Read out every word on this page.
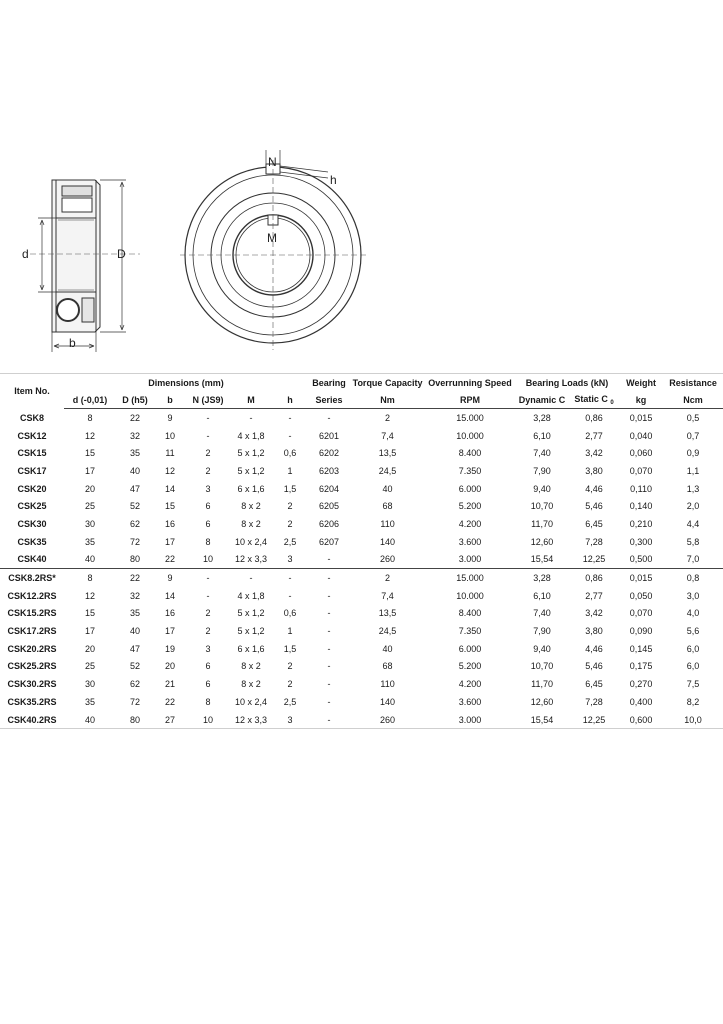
d	D
b
N
h
M
Item No.	Dimensions (mm)						Bearing	Torque Capacity	Overrunning Speed	Bearing Loads (kN)		Weight	Resistance
	d (-0,01)	D (h5)	b	N (JS9)	M	h	Series	Nm	RPM	Dynamic C	Static C $_0$	kg	Ncm
CSK8	8	22	9	-	-	-	-	2	15.000	3,28	0,86	0,015	0,5
CSK12	12	32	10	-	4 x 1,8	-	6201	7,4	10.000	6,10	2,77	0,040	0,7
CSK15	15	35	11	2	5 x 1,2	0,6	6202	13,5	8.400	7,40	3,42	0,060	0,9
CSK17	17	40	12	2	5 x 1,2	1	6203	24,5	7.350	7,90	3,80	0,070	1,1
CSK20	20	47	14	3	6 x 1,6	1,5	6204	40	6.000	9,40	4,46	0,110	1,3
CSK25	25	52	15	6	8 x 2	2	6205	68	5.200	10,70	5,46	0,140	2,0
CSK30	30	62	16	6	8 x 2	2	6206	110	4.200	11,70	6,45	0,210	4,4
CSK35	35	72	17	8	10 x 2,4	2,5	6207	140	3.600	12,60	7,28	0,300	5,8
CSK40	40	80	22	10	12 x 3,3	3	-	260	3.000	15,54	12,25	0,500	7,0
CSK8.2RS*	8	22	9	-	-	-	-	2	15.000	3,28	0,86	0,015	0,8
CSK12.2RS	12	32	14	-	4 x 1,8	-	-	7,4	10.000	6,10	2,77	0,050	3,0
CSK15.2RS	15	35	16	2	5 x 1,2	0,6	-	13,5	8.400	7,40	3,42	0,070	4,0
CSK17.2RS	17	40	17	2	5 x 1,2	1	-	24,5	7.350	7,90	3,80	0,090	5,6
CSK20.2RS	20	47	19	3	6 x 1,6	1,5	-	40	6.000	9,40	4,46	0,145	6,0
CSK25.2RS	25	52	20	6	8 x 2	2	-	68	5.200	10,70	5,46	0,175	6,0
CSK30.2RS	30	62	21	6	8 x 2	2	-	110	4.200	11,70	6,45	0,270	7,5
CSK35.2RS	35	72	22	8	10 x 2,4	2,5	-	140	3.600	12,60	7,28	0,400	8,2
CSK40.2RS	40	80	27	10	12 x 3,3	3	-	260	3.000	15,54	12,25	0,600	10,0
